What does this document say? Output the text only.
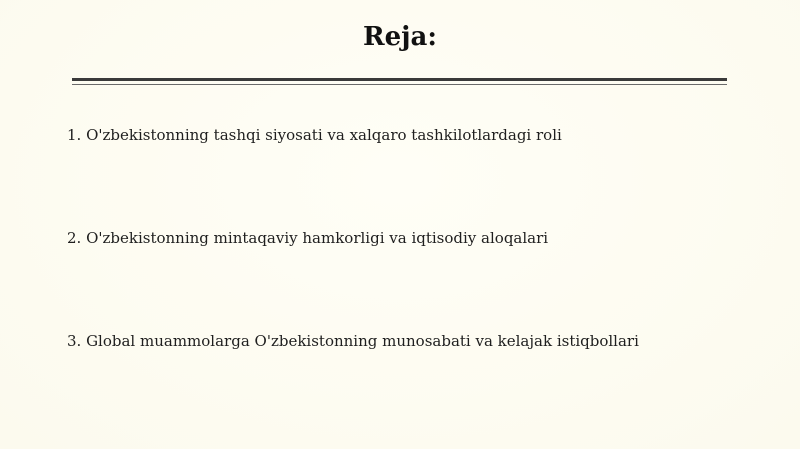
Reja:
1. O'zbekistonning tashqi siyosati va xalqaro tashkilotlardagi roli
2. O'zbekistonning mintaqaviy hamkorligi va iqtisodiy aloqalari
3. Global muammolarga O'zbekistonning munosabati va kelajak istiqbollari
